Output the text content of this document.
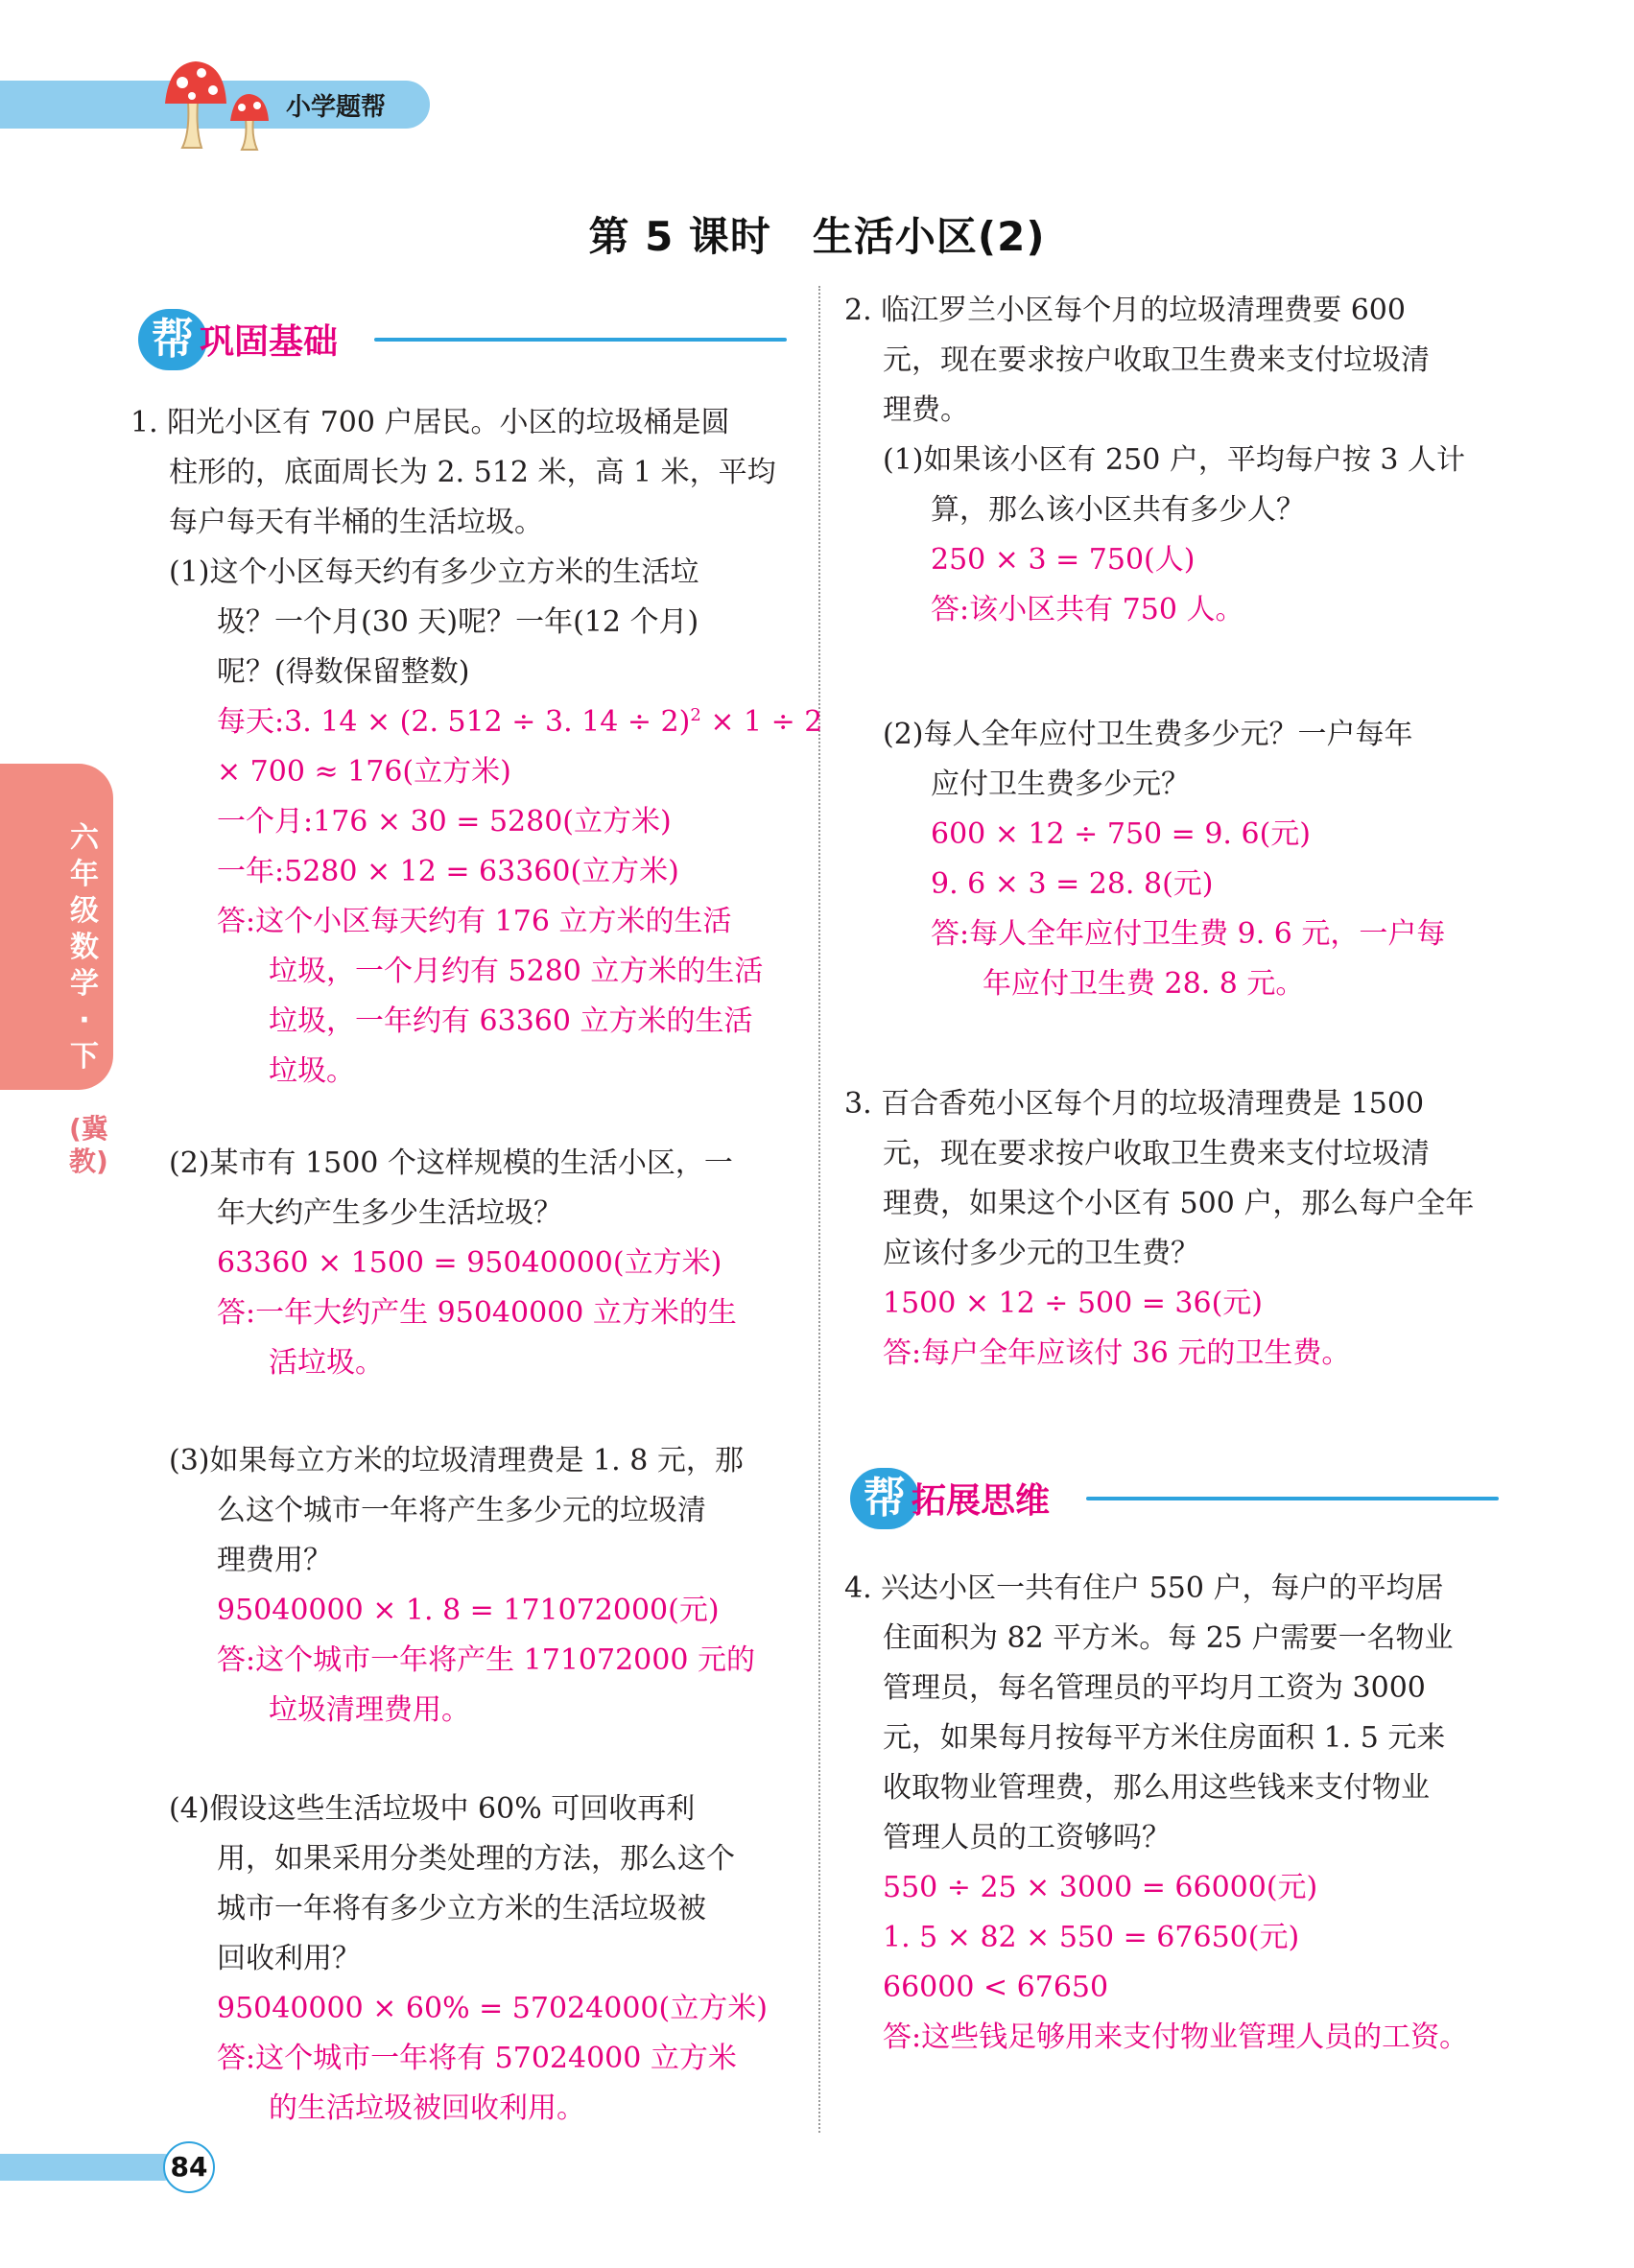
小学题帮
第 5 课时　生活小区(2)
六年级数学·下
(冀教)
帮 巩固基础
1. 阳光小区有 700 户居民。小区的垃圾桶是圆
柱形的，底面周长为 2. 512 米，高 1 米，平均
每户每天有半桶的生活垃圾。
(1)这个小区每天约有多少立方米的生活垃
圾？一个月(30 天)呢？一年(12 个月)
呢？(得数保留整数)
每天:3. 14 × (2. 512 ÷ 3. 14 ÷ 2)$^2$ × 1 ÷ 2
× 700 ≈ 176(立方米)
一个月:176 × 30 = 5280(立方米)
一年:5280 × 12 = 63360(立方米)
答:这个小区每天约有 176 立方米的生活
垃圾，一个月约有 5280 立方米的生活
垃圾，一年约有 63360 立方米的生活
垃圾。
(2)某市有 1500 个这样规模的生活小区，一
年大约产生多少生活垃圾？
63360 × 1500 = 95040000(立方米)
答:一年大约产生 95040000 立方米的生
活垃圾。
(3)如果每立方米的垃圾清理费是 1. 8 元，那
么这个城市一年将产生多少元的垃圾清
理费用？
95040000 × 1. 8 = 171072000(元)
答:这个城市一年将产生 171072000 元的
垃圾清理费用。
(4)假设这些生活垃圾中 60% 可回收再利
用，如果采用分类处理的方法，那么这个
城市一年将有多少立方米的生活垃圾被
回收利用？
95040000 × 60% = 57024000(立方米)
答:这个城市一年将有 57024000 立方米
的生活垃圾被回收利用。
2. 临江罗兰小区每个月的垃圾清理费要 600
元，现在要求按户收取卫生费来支付垃圾清
理费。
(1)如果该小区有 250 户，平均每户按 3 人计
算，那么该小区共有多少人？
250 × 3 = 750(人)
答:该小区共有 750 人。
(2)每人全年应付卫生费多少元？一户每年
应付卫生费多少元？
600 × 12 ÷ 750 = 9. 6(元)
9. 6 × 3 = 28. 8(元)
答:每人全年应付卫生费 9. 6 元，一户每
年应付卫生费 28. 8 元。
3. 百合香苑小区每个月的垃圾清理费是 1500
元，现在要求按户收取卫生费来支付垃圾清
理费，如果这个小区有 500 户，那么每户全年
应该付多少元的卫生费？
1500 × 12 ÷ 500 = 36(元)
答:每户全年应该付 36 元的卫生费。
帮 拓展思维
4. 兴达小区一共有住户 550 户，每户的平均居
住面积为 82 平方米。每 25 户需要一名物业
管理员，每名管理员的平均月工资为 3000
元，如果每月按每平方米住房面积 1. 5 元来
收取物业管理费，那么用这些钱来支付物业
管理人员的工资够吗？
550 ÷ 25 × 3000 = 66000(元)
1. 5 × 82 × 550 = 67650(元)
66000 < 67650
答:这些钱足够用来支付物业管理人员的工资。
84
